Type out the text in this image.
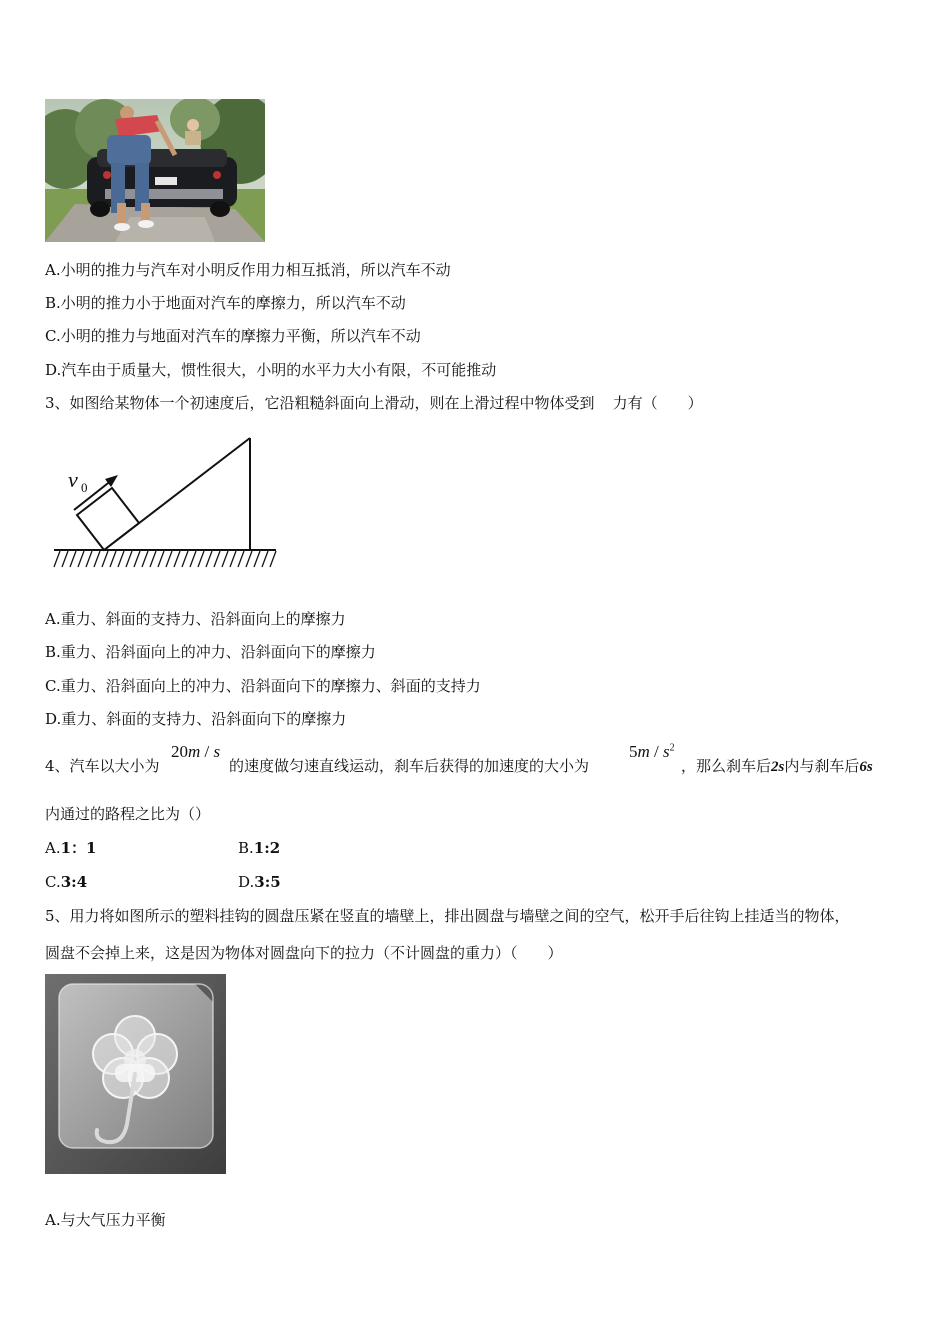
A.小明的推力与汽车对小明反作用力相互抵消，所以汽车不动
B.小明的推力小于地面对汽车的摩擦力，所以汽车不动
C.小明的推力与地面对汽车的摩擦力平衡，所以汽车不动
D.汽车由于质量大，惯性很大，小明的水平力大小有限，不可能推动
3、如图给某物体一个初速度后，它沿粗糙斜面向上滑动，则在上滑过程中物体受到 力有（　　）
v 0
A.重力、斜面的支持力、沿斜面向上的摩擦力
B.重力、沿斜面向上的冲力、沿斜面向下的摩擦力
C.重力、沿斜面向上的冲力、沿斜面向下的摩擦力、斜面的支持力
D.重力、斜面的支持力、沿斜面向下的摩擦力
4、汽车以大小为
20m / s
的速度做匀速直线运动，刹车后获得的加速度的大小为
$5m / s^2$
，那么刹车后2s内与刹车后6s
内通过的路程之比为（）
A.1：1	B.1:2
C.3:4	D.3:5
5、用力将如图所示的塑料挂钩的圆盘压紧在竖直的墙壁上，排出圆盘与墙壁之间的空气，松开手后往钩上挂适当的物体，
圆盘不会掉上来，这是因为物体对圆盘向下的拉力（不计圆盘的重力）（　　）
A.与大气压力平衡
